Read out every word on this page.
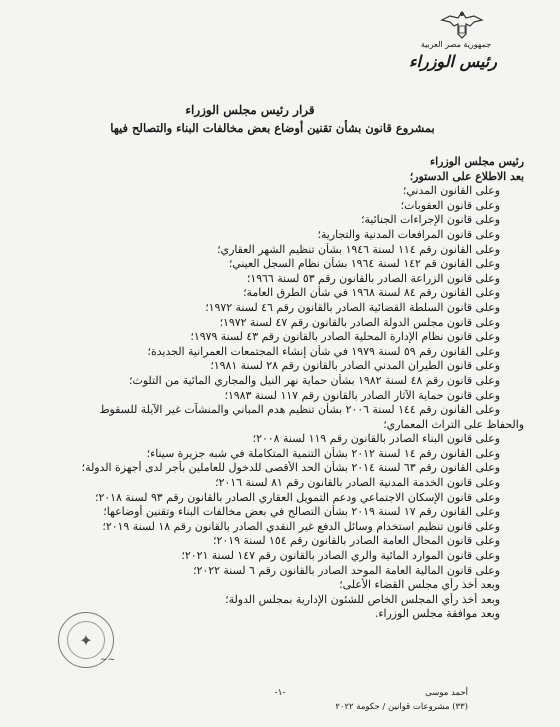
جمهورية مصر العربية
رئيس الوزراء
قرار رئيس مجلس الوزراء
بمشروع قانون بشأن تقنين أوضاع بعض مخالفات البناء والتصالح فيها
رئيس مجلس الوزراء
بعد الاطلاع على الدستور؛
وعلى القانون المدني؛
وعلى قانون العقوبات؛
وعلى قانون الإجراءات الجنائية؛
وعلى قانون المرافعات المدنية والتجارية؛
وعلى القانون رقم ١١٤ لسنة ١٩٤٦ بشأن تنظيم الشهر العقاري؛
وعلى القانون قم ١٤٢ لسنة ١٩٦٤ بشأن نظام السجل العيني؛
وعلى قانون الزراعة الصادر بالقانون رقم ٥٣ لسنة ١٩٦٦؛
وعلى القانون رقم ٨٤ لسنة ١٩٦٨ في شأن الطرق العامة؛
وعلى قانون السلطة القضائية الصادر بالقانون رقم ٤٦ لسنة ١٩٧٢؛
وعلى قانون مجلس الدولة الصادر بالقانون رقم ٤٧ لسنة ١٩٧٢؛
وعلى قانون نظام الإدارة المحلية الصادر بالقانون رقم ٤٣ لسنة ١٩٧٩؛
وعلى القانون رقم ٥٩ لسنة ١٩٧٩ في شأن إنشاء المجتمعات العمرانية الجديدة؛
وعلى قانون الطيران المدني الصادر بالقانون رقم ٢٨ لسنة ١٩٨١؛
وعلى قانون رقم ٤٨ لسنة ١٩٨٢ بشأن حماية نهر النيل والمجاري المائية من التلوث؛
وعلى قانون حماية الآثار الصادر بالقانون رقم ١١٧ لسنة ١٩٨٣؛
وعلى القانون رقم ١٤٤ لسنة ٢٠٠٦ بشأن تنظيم هدم المباني والمنشآت غير الآيلة للسقوط
والحفاظ على التراث المعماري؛
وعلى قانون البناء الصادر بالقانون رقم ١١٩ لسنة ٢٠٠٨؛
وعلى القانون رقم ١٤ لسنة ٢٠١٢ بشأن التنمية المتكاملة في شبه جزيرة سيناء؛
وعلى القانون رقم ٦٣ لسنة ٢٠١٤ بشأن الحد الأقصى للدخول للعاملين بأجر لدى أجهزة الدولة؛
وعلى قانون الخدمة المدنية الصادر بالقانون رقم ٨١ لسنة ٢٠١٦؛
وعلى قانون الإسكان الاجتماعي ودعم التمويل العقاري الصادر بالقانون رقم ٩٣ لسنة ٢٠١٨؛
وعلى القانون رقم ١٧ لسنة ٢٠١٩ بشأن التصالح في بعض مخالفات البناء وتقنين أوضاعها؛
وعلى قانون تنظيم استخدام وسائل الدفع غير النقدي الصادر بالقانون رقم ١٨ لسنة ٢٠١٩؛
وعلى قانون المحال العامة الصادر بالقانون رقم ١٥٤ لسنة ٢٠١٩؛
وعلى قانون الموارد المائية والري الصادر بالقانون رقم ١٤٧ لسنة ٢٠٢١؛
وعلى قانون المالية العامة الموحد الصادر بالقانون رقم ٦ لسنة ٢٠٢٢؛
وبعد أخذ رأي مجلس القضاء الأعلى؛
وبعد أخذ رأي المجلس الخاص للشئون الإدارية بمجلس الدولة؛
وبعد موافقة مجلس الوزراء.
✦
~~
-١-	أحمد موسى
(٣٣) مشروعات قوانين / حكومة ٢٠٢٢
